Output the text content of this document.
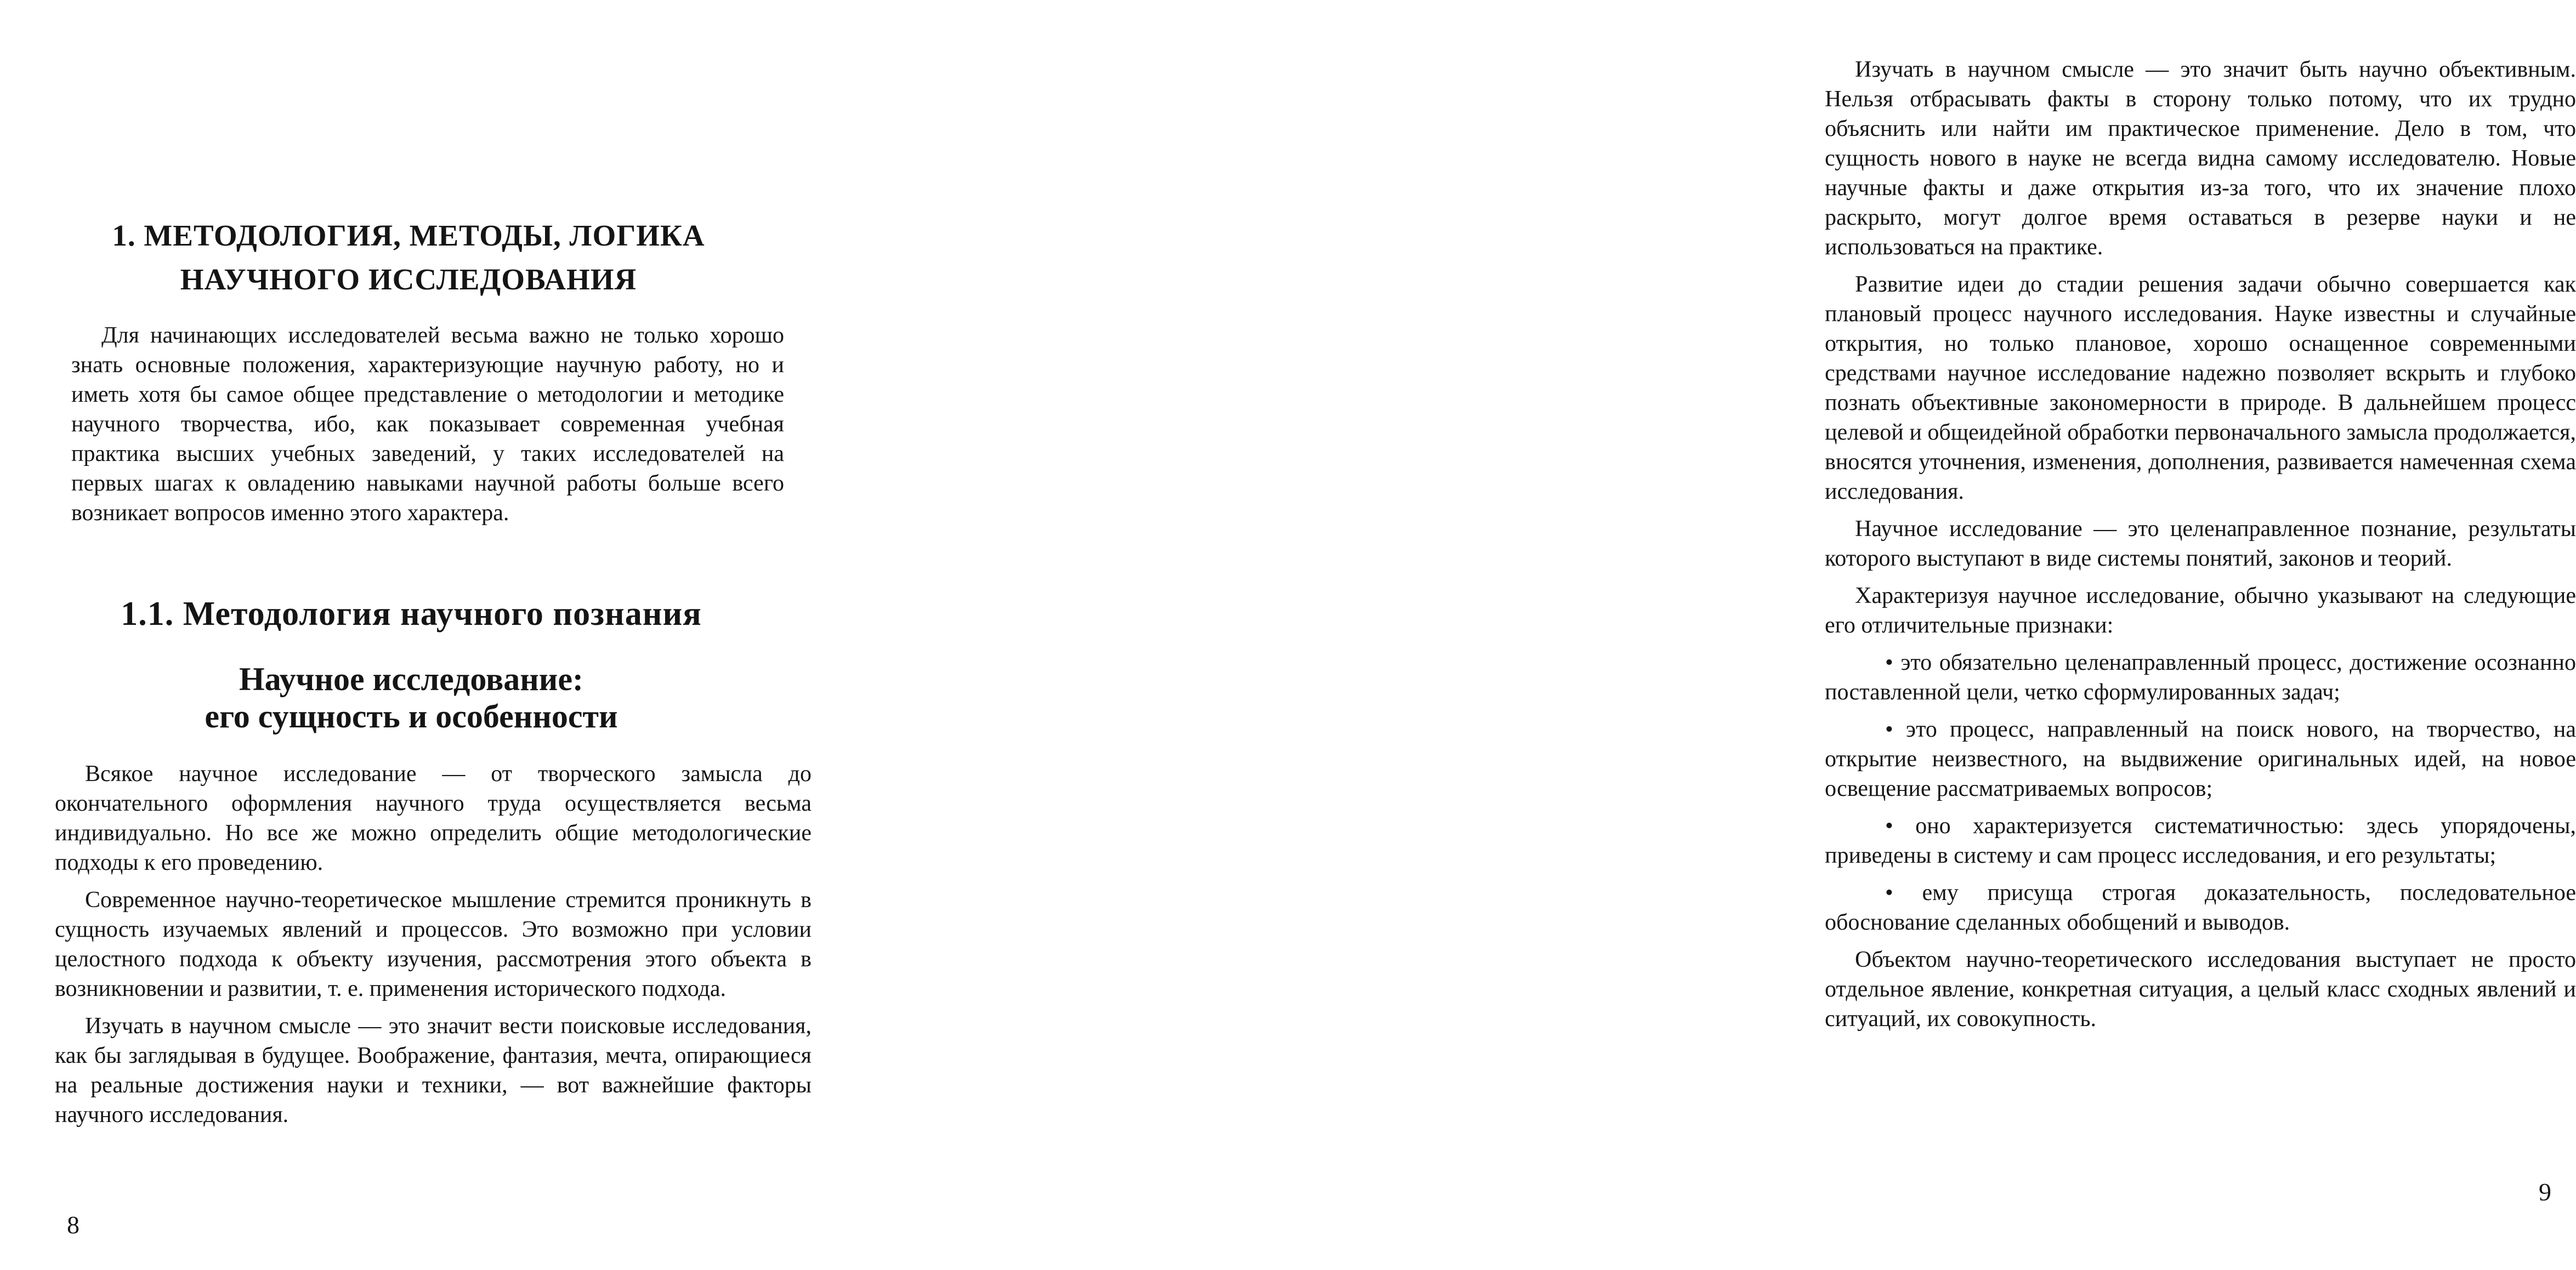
1. МЕТОДОЛОГИЯ, МЕТОДЫ, ЛОГИКА
НАУЧНОГО ИССЛЕДОВАНИЯ

Для начинающих исследователей весьма важно не только хорошо знать основные положения, характеризующие научную работу, но и иметь хотя бы самое общее представление о методологии и методике научного творчества, ибо, как показывает современная учебная практика высших учебных заведений, у таких исследователей на первых шагах к овладению навыками научной работы больше всего возникает вопросов именно этого характера.

1.1. Методология научного познания
Научное исследование:
его сущность и особенности

Всякое научное исследование — от творческого замысла до окончательного оформления научного труда осуществляется весьма индивидуально. Но все же можно определить общие методологические подходы к его проведению.

Современное научно-теоретическое мышление стремится проникнуть в сущность изучаемых явлений и процессов. Это возможно при условии целостного подхода к объекту изучения, рассмотрения этого объекта в возникновении и развитии, т. е. применения исторического подхода.

Изучать в научном смысле — это значит вести поисковые исследования, как бы заглядывая в будущее. Воображение, фантазия, мечта, опирающиеся на реальные достижения науки и техники, — вот важнейшие факторы научного исследования.

8

Изучать в научном смысле — это значит быть научно объективным. Нельзя отбрасывать факты в сторону только потому, что их трудно объяснить или найти им практическое применение. Дело в том, что сущность нового в науке не всегда видна самому исследователю. Новые научные факты и даже открытия из-за того, что их значение плохо раскрыто, могут долгое время оставаться в резерве науки и не использоваться на практике.

Развитие идеи до стадии решения задачи обычно совершается как плановый процесс научного исследования. Науке известны и случайные открытия, но только плановое, хорошо оснащенное современными средствами научное исследование надежно позволяет вскрыть и глубоко познать объективные закономерности в природе. В дальнейшем процесс целевой и общеидейной обработки первоначального замысла продолжается, вносятся уточнения, изменения, дополнения, развивается намеченная схема исследования.

Научное исследование — это целенаправленное познание, результаты которого выступают в виде системы понятий, законов и теорий.

Характеризуя научное исследование, обычно указывают на следующие его отличительные признаки:

• это обязательно целенаправленный процесс, достижение осознанно поставленной цели, четко сформулированных задач;

• это процесс, направленный на поиск нового, на творчество, на открытие неизвестного, на выдвижение оригинальных идей, на новое освещение рассматриваемых вопросов;

• оно характеризуется систематичностью: здесь упорядочены, приведены в систему и сам процесс исследования, и его результаты;

• ему присуща строгая доказательность, последовательное обоснование сделанных обобщений и выводов.

Объектом научно-теоретического исследования выступает не просто отдельное явление, конкретная ситуация, а целый класс сходных явлений и ситуаций, их совокупность.

9
